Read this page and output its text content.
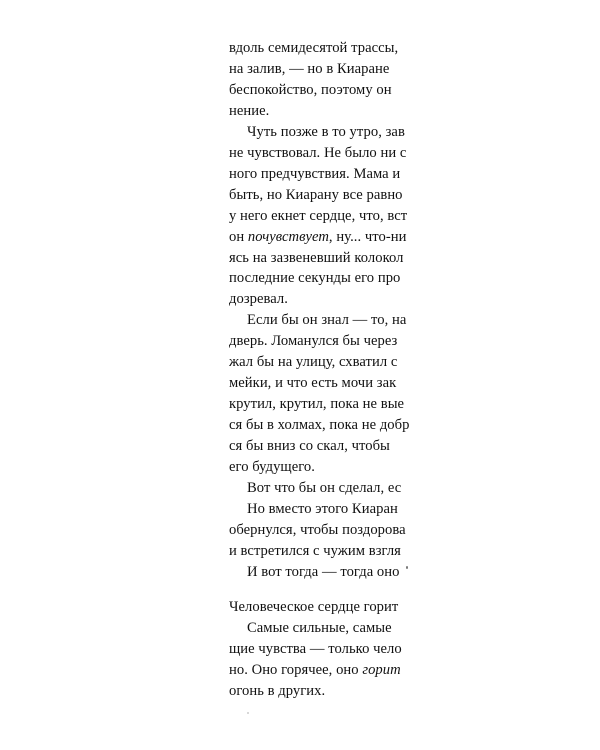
вдоль семидесятой трассы,
на залив, — но в Киаране
беспокойство, поэтому он
нение.
Чуть позже в то утро, зав
не чувствовал. Не было ни с
ного предчувствия. Мама и
быть, но Киарану все равно
у него екнет сердце, что, вст
он почувствует, ну... что-ни
ясь на зазвеневший колокол
последние секунды его про
дозревал.
Если бы он знал — то, на
дверь. Ломанулся бы через
жал бы на улицу, схватил с
мейки, и что есть мочи зак
крутил, крутил, пока не вые
ся бы в холмах, пока не добр
ся бы вниз со скал, чтобы
его будущего.
Вот что бы он сделал, ес
Но вместо этого Киаран
обернулся, чтобы поздорова
и встретился с чужим взгля
И вот тогда — тогда оно
Человеческое сердце горит
Самые сильные, самые
щие чувства — только чело
но. Оно горячее, оно горит
огонь в других.
